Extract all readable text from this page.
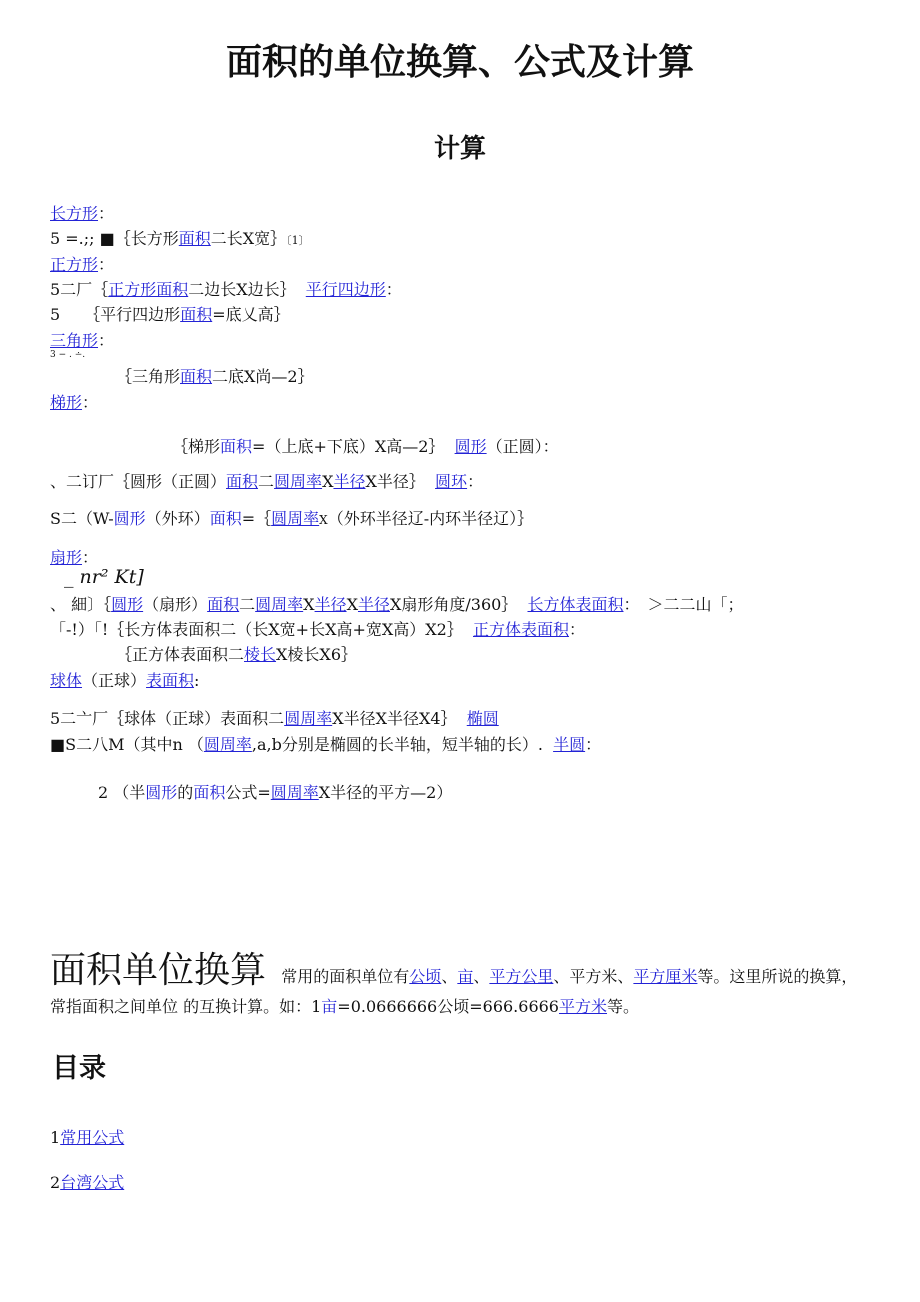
面积的单位换算、公式及计算
计算
长方形：
5 =.;; ■｛长方形面积二长X宽｝〔1〕
正方形：
5二厂｛正方形面积二边长X边长｝ 平行四边形：
5　　｛平行四边形面积=底乂高｝
三角形：
3 − . ∸.
｛三角形面积二底X尚—2｝
梯形：
｛梯形面积=（上底+下底）X高—2｝ 圆形（正圆）：
、二订厂｛圆形（正圆）面积二圆周率X半径X半径｝ 圆环：
S二（W-圆形（外环）面积=｛圆周率X（外环半径辽-内环半径辽）｝
扇形：
_ nr² Kt]
、 細〕｛圆形（扇形）面积二圆周率X半径X半径X扇形角度/360｝ 长方体表面积：　＞二二山「；
「-!）「!｛长方体表面积二（长X宽+长X高+宽X高）X2｝ 正方体表面积：
｛正方体表面积二棱长X棱长X6｝
球体（正球）表面积:
5二亠厂｛球体（正球）表面积二圆周率X半径X半径X4｝ 椭圆
■S二八M（其中n （圆周率,a,b分别是椭圆的长半轴，短半轴的长）. 半圆：
2 （半圆形的面积公式=圆周率X半径的平方—2）
面积单位换算 常用的面积单位有公顷、亩、平方公里、平方米、平方厘米等。这里所说的换算，常指面积之间单位 的互换计算。如：1亩=0.0666666公顷=666.6666平方米等。
目录
1常用公式
2台湾公式
